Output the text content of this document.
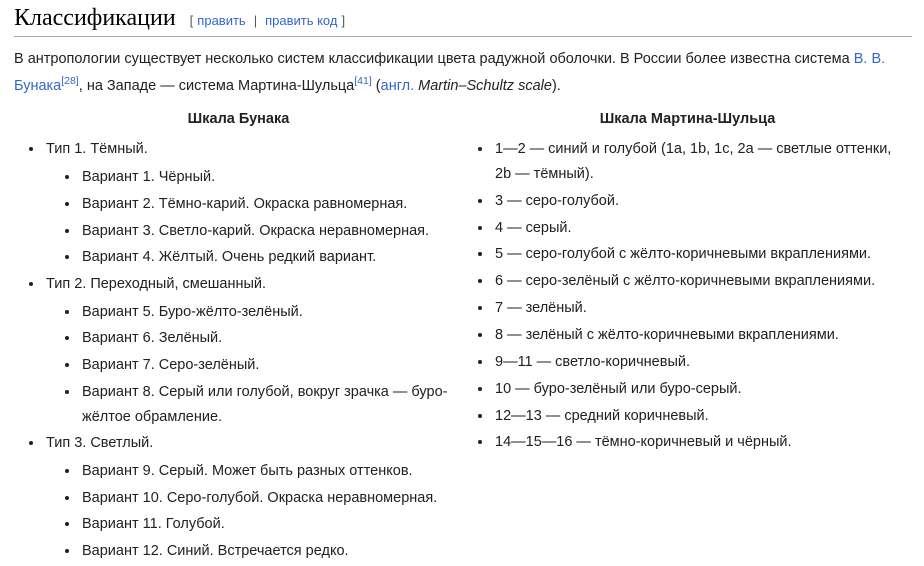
Классификации [ править | править код ]

В антропологии существует несколько систем классификации цвета радужной оболочки. В России более известна система В. В. Бунака[28], на Западе — система Мартина-Шульца[41] (англ. Martin–Schultz scale).

Шкала Бунака
• Тип 1. Тёмный.
• Вариант 1. Чёрный.
• Вариант 2. Тёмно-карий. Окраска равномерная.
• Вариант 3. Светло-карий. Окраска неравномерная.
• Вариант 4. Жёлтый. Очень редкий вариант.
• Тип 2. Переходный, смешанный.
• Вариант 5. Буро-жёлто-зелёный.
• Вариант 6. Зелёный.
• Вариант 7. Серо-зелёный.
• Вариант 8. Серый или голубой, вокруг зрачка — буро-жёлтое обрамление.
• Тип 3. Светлый.
• Вариант 9. Серый. Может быть разных оттенков.
• Вариант 10. Серо-голубой. Окраска неравномерная.
• Вариант 11. Голубой.
• Вариант 12. Синий. Встречается редко.
Шкала Мартина-Шульца
• 1—2 — синий и голубой (1a, 1b, 1c, 2a — светлые оттенки, 2b — тёмный).
• 3 — серо-голубой.
• 4 — серый.
• 5 — серо-голубой с жёлто-коричневыми вкраплениями.
• 6 — серо-зелёный с жёлто-коричневыми вкраплениями.
• 7 — зелёный.
• 8 — зелёный с жёлто-коричневыми вкраплениями.
• 9—11 — светло-коричневый.
• 10 — буро-зелёный или буро-серый.
• 12—13 — средний коричневый.
• 14—15—16 — тёмно-коричневый и чёрный.
